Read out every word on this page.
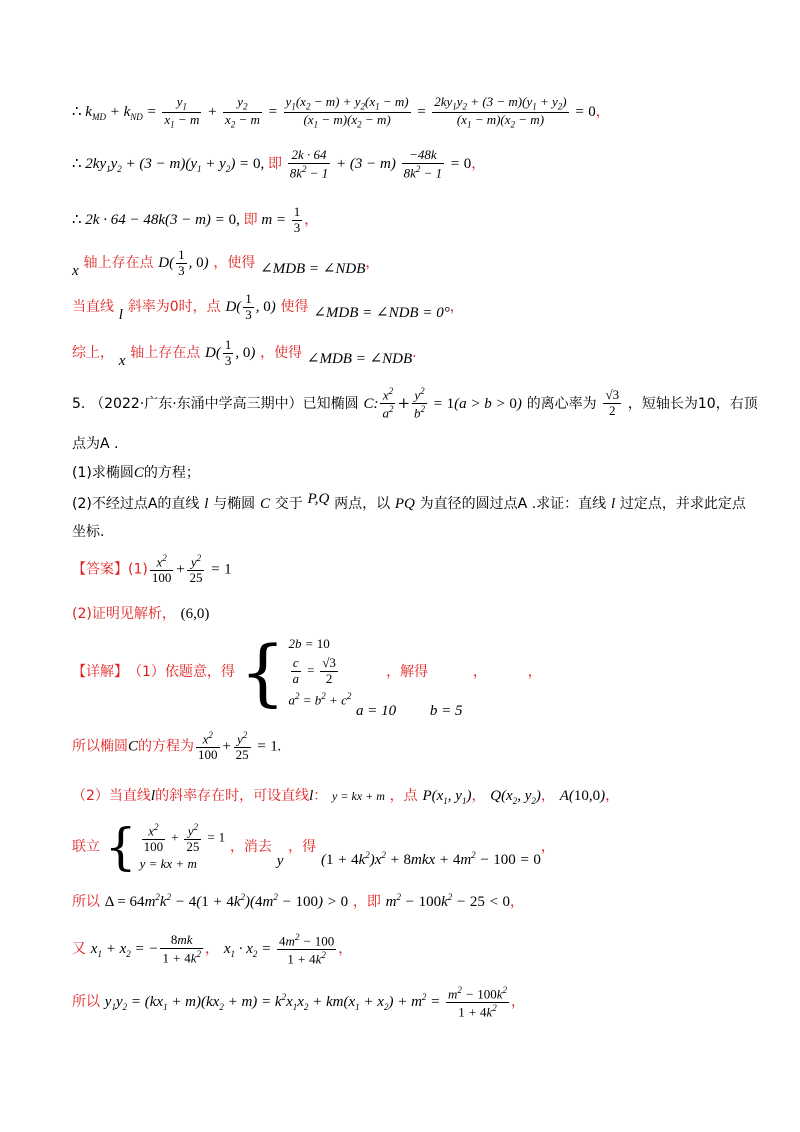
∴ $k_{MD} + k_{ND} = \frac{y_1}{x_1 - m} + \frac{y_2}{x_2 - m} = \frac{y_1(x_2 - m) + y_2(x_1 - m)}{(x_1 - m)(x_2 - m)} = \frac{2ky_1y_2 + (3 - m)(y_1 + y_2)}{(x_1 - m)(x_2 - m)} = 0$，
∴ $2ky_1y_2 + (3 - m)(y_1 + y_2) = 0$, 即 $\frac{2k \cdot 64}{8k^2 - 1} + (3 - m) \frac{-48k}{8k^2 - 1} = 0$，
∴ 2k · 64 − 48k(3 − m) = 0, 即 $m = \frac{1}{3}$ ，
x 轴上存在点 $D( \frac{1}{3}$ , 0) ，使得 ∠MDB = ∠NDB，
当直线 l 斜率为0时，点 $D( \frac{1}{3}$ , 0) 使得 ∠MDB = ∠NDB = 0°，
综上， x 轴上存在点 $D( \frac{1}{3}$ , 0) ，使得 ∠MDB = ∠NDB.
5. （2022·广东·东涌中学高三期中）已知椭圆 C: $\frac{x^2}{a^2} + \frac{y^2}{b^2} = 1(a > b > 0)$ 的离心率为 $\frac{√3}{2}$ ，短轴长为10，右顶
点为A .
(1)求椭圆C的方程；
(2)不经过点A的直线 l 与椭圆 C 交于 P,Q 两点，以 PQ 为直径的圆过点A .求证：直线 l 过定点，并求此定点
坐标.
【答案】$(1) \frac{x^2}{100} + \frac{y^2}{25} = 1$
(2)证明见解析， (6,0)
【详解】（1）依题意，得 { 2b = 10
$\frac{c}{a} = \frac{√3}{2}$
$a^2 = b^2 + c^2$
，解得	，	，
a = 10 b = 5
所以椭圆C的方程为 $\frac{x^2}{100} + \frac{y^2}{25} = 1$.
（2）当直线l的斜率存在时，可设直线l： y = kx + m ，点 $P(x_1$, $y_1$)， $Q(x_2$, $y_2$)， A(10,0)，
联立 { $\frac{x^2}{100} + \frac{y^2}{25} = 1$
y = kx + m
，消去 y ，得 $(1 + 4k^2)x^2 + 8mkx + 4m^2 - 100 = 0$，
所以 $\Delta = 64m^2k^2 - 4(1 + 4k^2)(4m^2 - 100) > 0$ ，即 $m^2 - 100k^2 - 25 < 0$，
又 $x_1 + x_2$ = − $\frac{8mk}{1 + 4k^2}$ ， $x_1 \cdot x_2 = \frac{4m^2 - 100}{1 + 4k^2}$ ，
所以 $y_1y_2 = (kx_1 + m)(kx_2 + m) = k^2x_1x_2 + km(x_1 + x_2) + m^2 = \frac{m^2 - 100k^2}{1 + 4k^2}$ ，
